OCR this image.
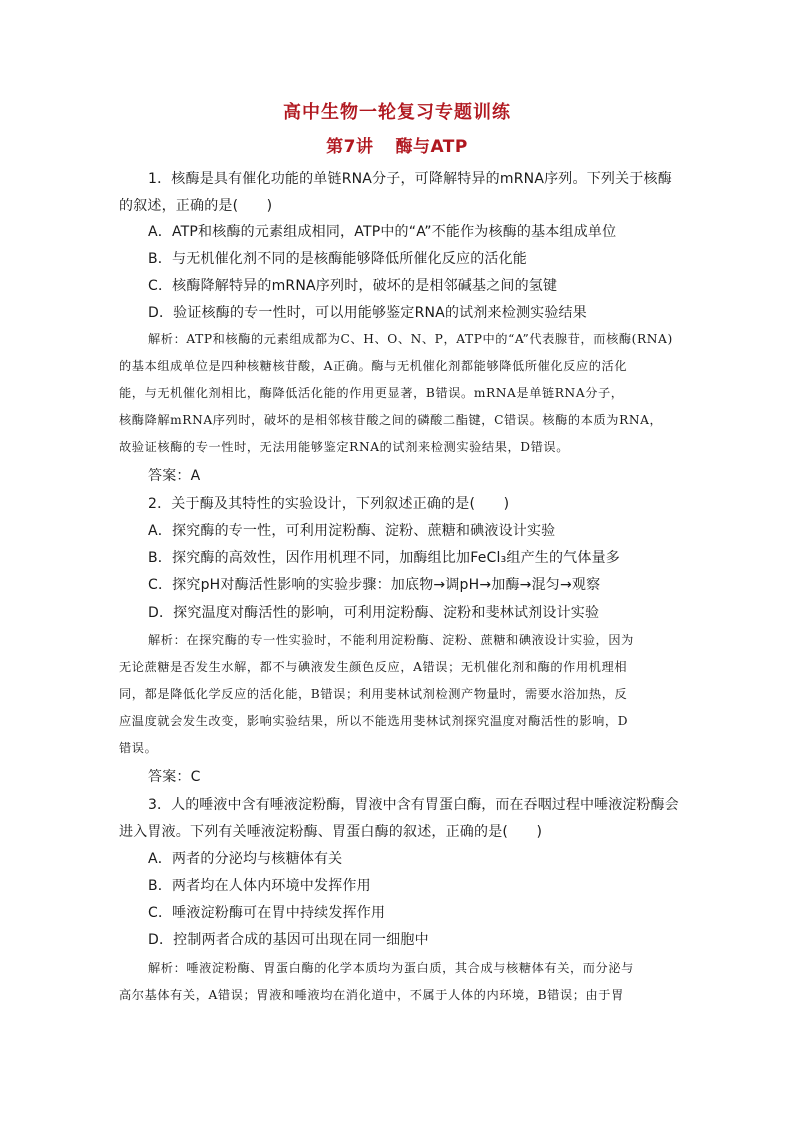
高中生物一轮复习专题训练
第7讲 酶与ATP
1．核酶是具有催化功能的单链RNA分子，可降解特异的mRNA序列。下列关于核酶
的叙述，正确的是(　　)
A．ATP和核酶的元素组成相同，ATP中的“A”不能作为核酶的基本组成单位
B．与无机催化剂不同的是核酶能够降低所催化反应的活化能
C．核酶降解特异的mRNA序列时，破坏的是相邻碱基之间的氢键
D．验证核酶的专一性时，可以用能够鉴定RNA的试剂来检测实验结果
解析：ATP和核酶的元素组成都为C、H、O、N、P，ATP中的“A”代表腺苷，而核酶(RNA)
的基本组成单位是四种核糖核苷酸，A正确。酶与无机催化剂都能够降低所催化反应的活化
能，与无机催化剂相比，酶降低活化能的作用更显著，B错误。mRNA是单链RNA分子，
核酶降解mRNA序列时，破坏的是相邻核苷酸之间的磷酸二酯键，C错误。核酶的本质为RNA，
故验证核酶的专一性时，无法用能够鉴定RNA的试剂来检测实验结果，D错误。
答案：A
2．关于酶及其特性的实验设计，下列叙述正确的是(　　)
A．探究酶的专一性，可利用淀粉酶、淀粉、蔗糖和碘液设计实验
B．探究酶的高效性，因作用机理不同，加酶组比加FeCl₃组产生的气体量多
C．探究pH对酶活性影响的实验步骤：加底物→调pH→加酶→混匀→观察
D．探究温度对酶活性的影响，可利用淀粉酶、淀粉和斐林试剂设计实验
解析：在探究酶的专一性实验时，不能利用淀粉酶、淀粉、蔗糖和碘液设计实验，因为
无论蔗糖是否发生水解，都不与碘液发生颜色反应，A错误；无机催化剂和酶的作用机理相
同，都是降低化学反应的活化能，B错误；利用斐林试剂检测产物量时，需要水浴加热，反
应温度就会发生改变，影响实验结果，所以不能选用斐林试剂探究温度对酶活性的影响，D
错误。
答案：C
3．人的唾液中含有唾液淀粉酶，胃液中含有胃蛋白酶，而在吞咽过程中唾液淀粉酶会
进入胃液。下列有关唾液淀粉酶、胃蛋白酶的叙述，正确的是(　　)
A．两者的分泌均与核糖体有关
B．两者均在人体内环境中发挥作用
C．唾液淀粉酶可在胃中持续发挥作用
D．控制两者合成的基因可出现在同一细胞中
解析：唾液淀粉酶、胃蛋白酶的化学本质均为蛋白质，其合成与核糖体有关，而分泌与
高尔基体有关，A错误；胃液和唾液均在消化道中，不属于人体的内环境，B错误；由于胃
